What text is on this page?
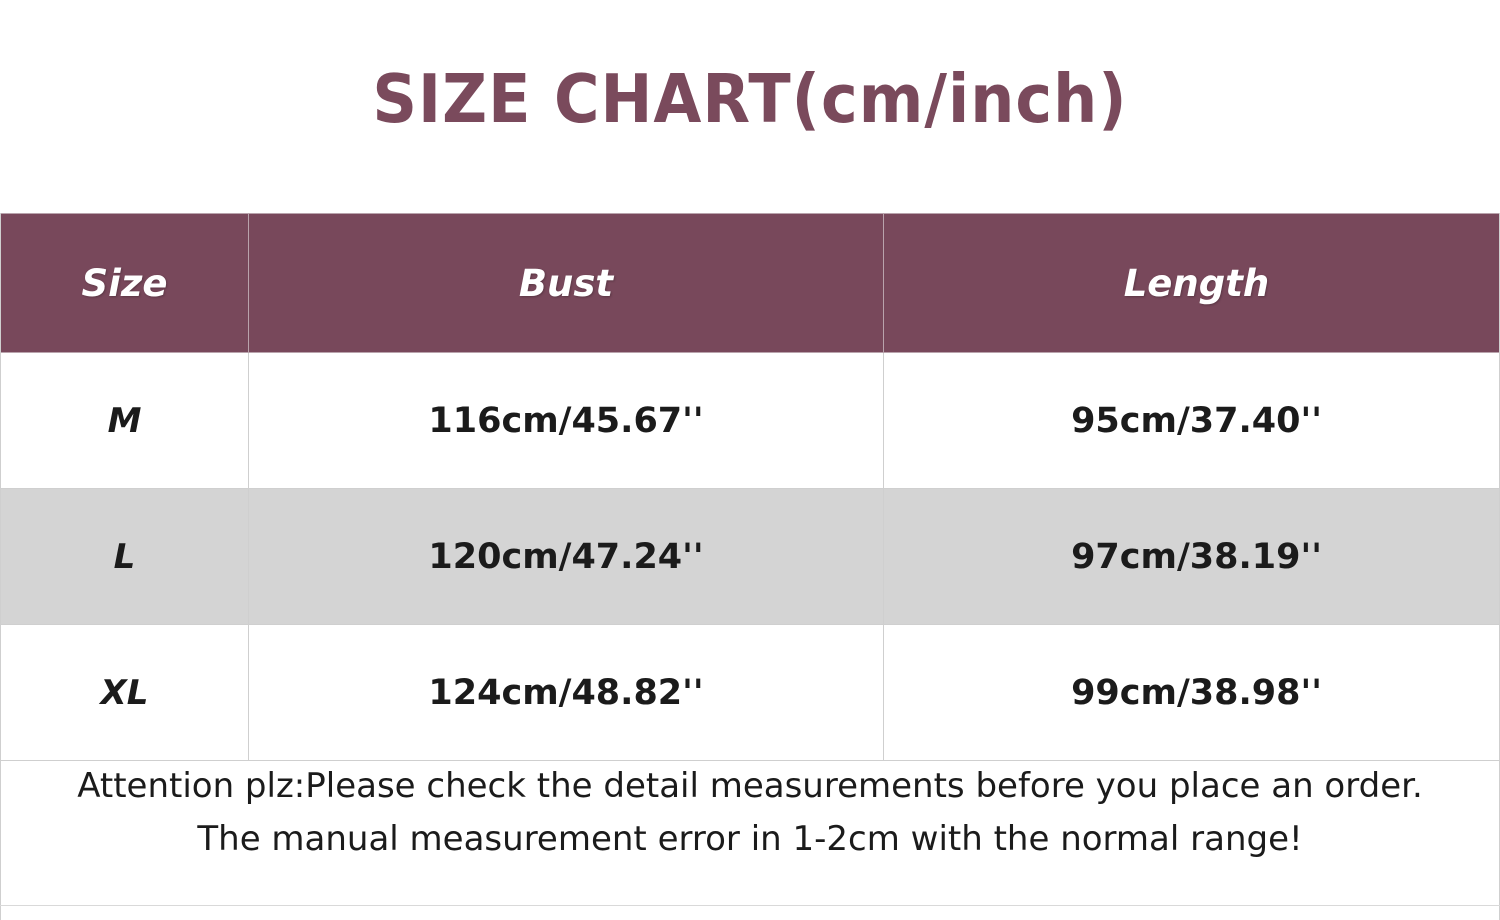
SIZE CHART(cm/inch)
Size	Bust	Length
M	116cm/45.67''	95cm/37.40''
L	120cm/47.24''	97cm/38.19''
XL	124cm/48.82''	99cm/38.98''
Attention plz:Please check the detail measurements before you place an order.
The manual measurement error in 1-2cm with the normal range!
